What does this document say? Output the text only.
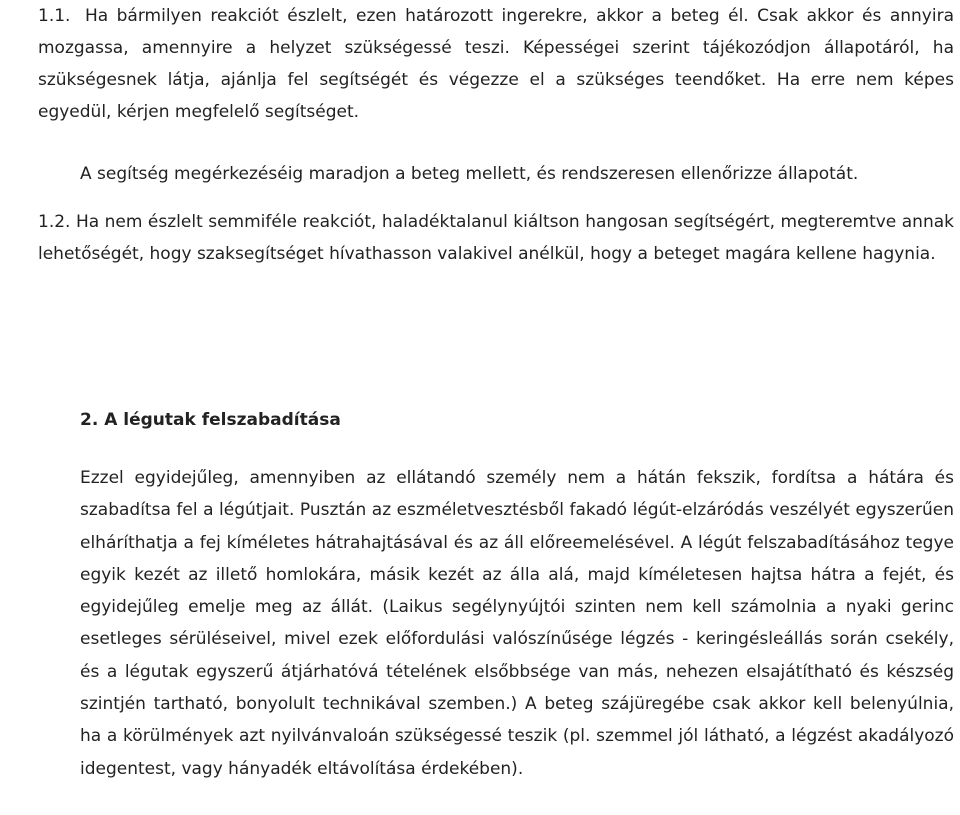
1.1. Ha bármilyen reakciót észlelt, ezen határozott ingerekre, akkor a beteg él. Csak akkor és annyira mozgassa, amennyire a helyzet szükségessé teszi. Képességei szerint tájékozódjon állapotáról, ha szükségesnek látja, ajánlja fel segítségét és végezze el a szükséges teendőket. Ha erre nem képes egyedül, kérjen megfelelő segítséget.

A segítség megérkezéséig maradjon a beteg mellett, és rendszeresen ellenőrizze állapotát.

1.2. Ha nem észlelt semmiféle reakciót, haladéktalanul kiáltson hangosan segítségért, megteremtve annak lehetőségét, hogy szaksegítséget hívathasson valakivel anélkül, hogy a beteget magára kellene hagynia.

2. A légutak felszabadítása

Ezzel egyidejűleg, amennyiben az ellátandó személy nem a hátán fekszik, fordítsa a hátára és szabadítsa fel a légútjait. Pusztán az eszméletvesztésből fakadó légút-elzáródás veszélyét egyszerűen elháríthatja a fej kíméletes hátrahajtásával és az áll előreemelésével. A légút felszabadításához tegye egyik kezét az illető homlokára, másik kezét az álla alá, majd kíméletesen hajtsa hátra a fejét, és egyidejűleg emelje meg az állát. (Laikus segélynyújtói szinten nem kell számolnia a nyaki gerinc esetleges sérüléseivel, mivel ezek előfordulási valószínűsége légzés - keringésleállás során csekély, és a légutak egyszerű átjárhatóvá tételének elsőbbsége van más, nehezen elsajátítható és készség szintjén tartható, bonyolult technikával szemben.) A beteg szájüregébe csak akkor kell belenyúlnia, ha a körülmények azt nyilvánvaloán szükségessé teszik (pl. szemmel jól látható, a légzést akadályozó idegentest, vagy hányadék eltávolítása érdekében).
